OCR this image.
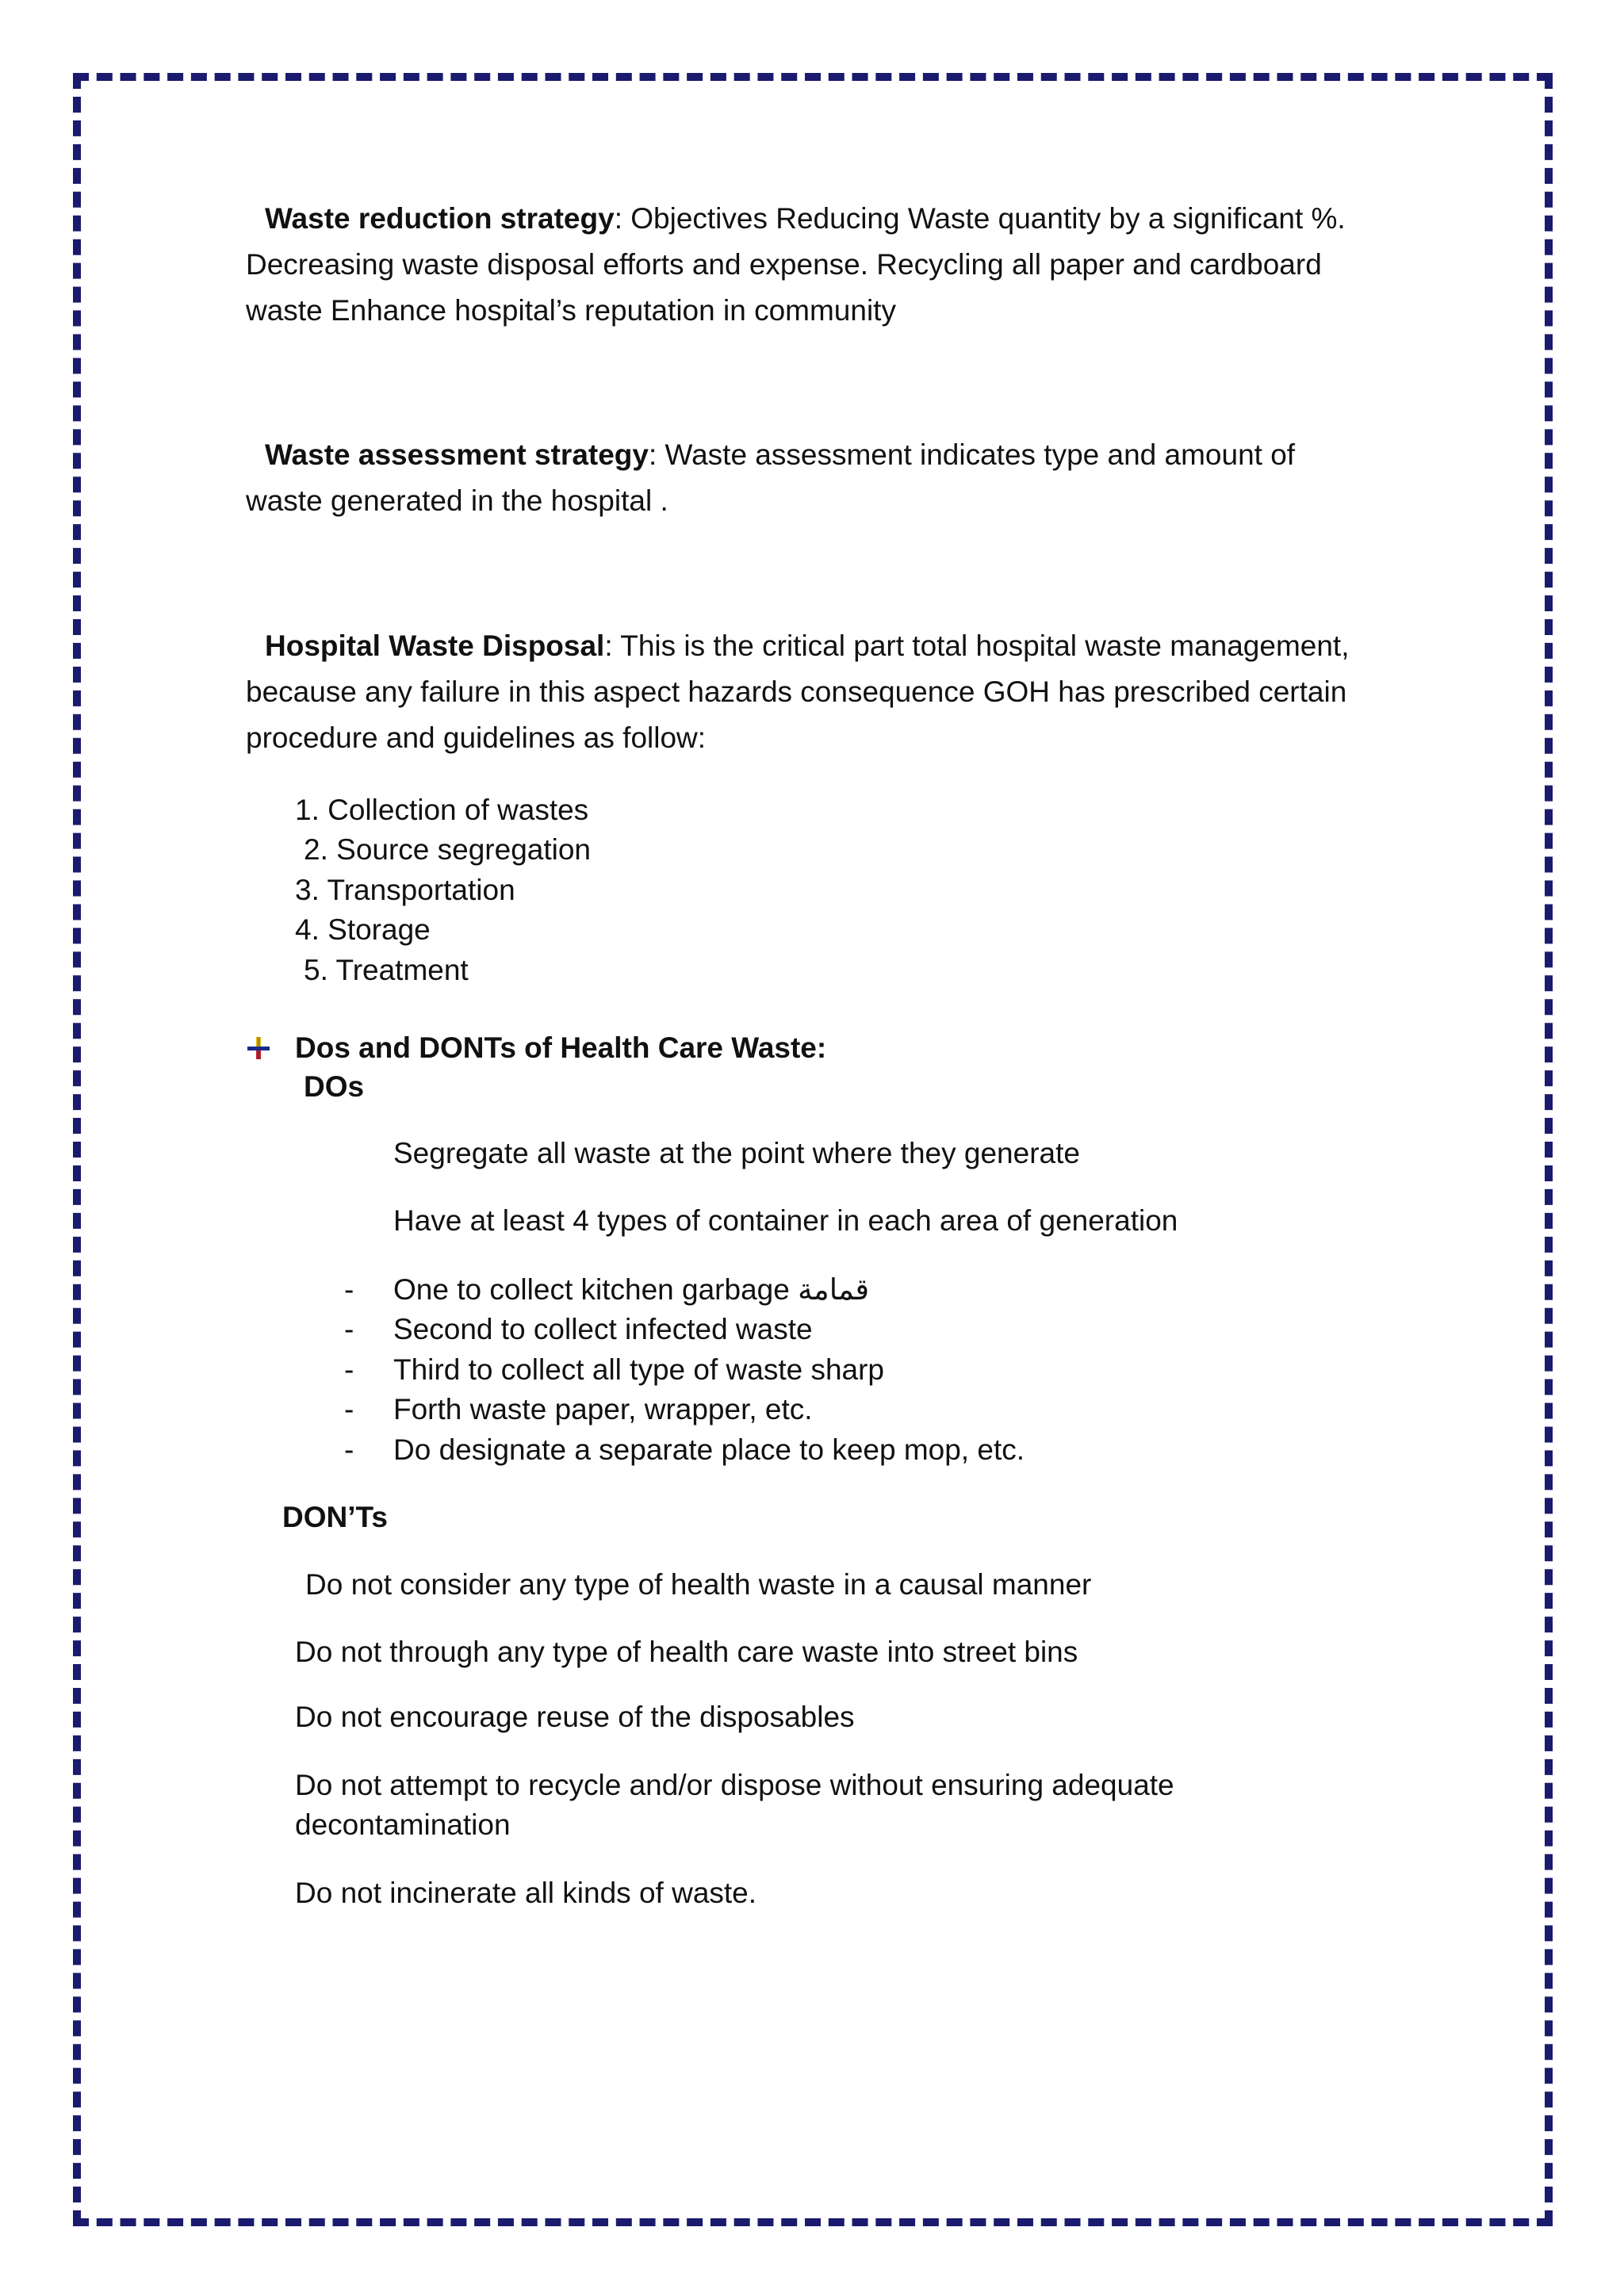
Waste reduction strategy: Objectives Reducing Waste quantity by a significant %.

Decreasing waste disposal efforts and expense. Recycling all paper and cardboard

waste Enhance hospital’s reputation in community

Waste assessment strategy: Waste assessment indicates type and amount of

waste generated in the hospital .

Hospital Waste Disposal: This is the critical part total hospital waste management,

because any failure in this aspect hazards consequence GOH has prescribed certain

procedure and guidelines as follow:

1. Collection of wastes
2. Source segregation
3. Transportation
4. Storage
5. Treatment
Dos and DONTs of Health Care Waste:
DOs
Segregate all waste at the point where they generate
Have at least 4 types of container in each area of generation
- One to collect kitchen garbage قمامة
- Second to collect infected waste
- Third to collect all type of waste sharp
- Forth waste paper, wrapper, etc.
- Do designate a separate place to keep mop, etc.
DON’Ts
Do not consider any type of health waste in a causal manner
Do not through any type of health care waste into street bins
Do not encourage reuse of the disposables
Do not attempt to recycle and/or dispose without ensuring adequate
decontamination
Do not incinerate all kinds of waste.
